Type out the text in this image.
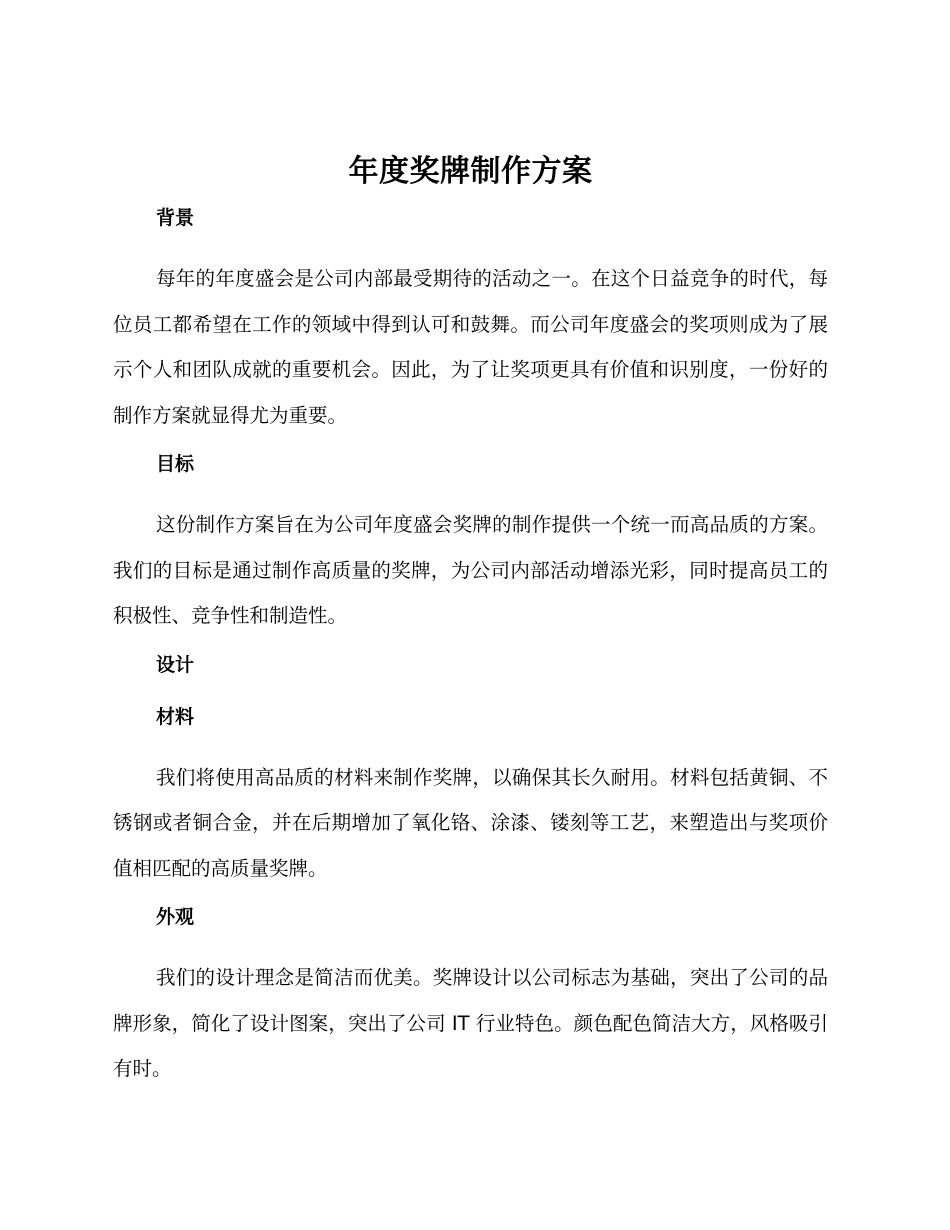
年度奖牌制作方案
背景

每年的年度盛会是公司内部最受期待的活动之一。在这个日益竞争的时代，每位员工都希望在工作的领域中得到认可和鼓舞。而公司年度盛会的奖项则成为了展示个人和团队成就的重要机会。因此，为了让奖项更具有价值和识别度，一份好的制作方案就显得尤为重要。

目标

这份制作方案旨在为公司年度盛会奖牌的制作提供一个统一而高品质的方案。我们的目标是通过制作高质量的奖牌，为公司内部活动增添光彩，同时提高员工的积极性、竞争性和制造性。

设计
材料

我们将使用高品质的材料来制作奖牌，以确保其长久耐用。材料包括黄铜、不锈钢或者铜合金，并在后期增加了氧化铬、涂漆、镂刻等工艺，来塑造出与奖项价值相匹配的高质量奖牌。

外观

我们的设计理念是简洁而优美。奖牌设计以公司标志为基础，突出了公司的品牌形象，简化了设计图案，突出了公司 IT 行业特色。颜色配色简洁大方，风格吸引有时。
